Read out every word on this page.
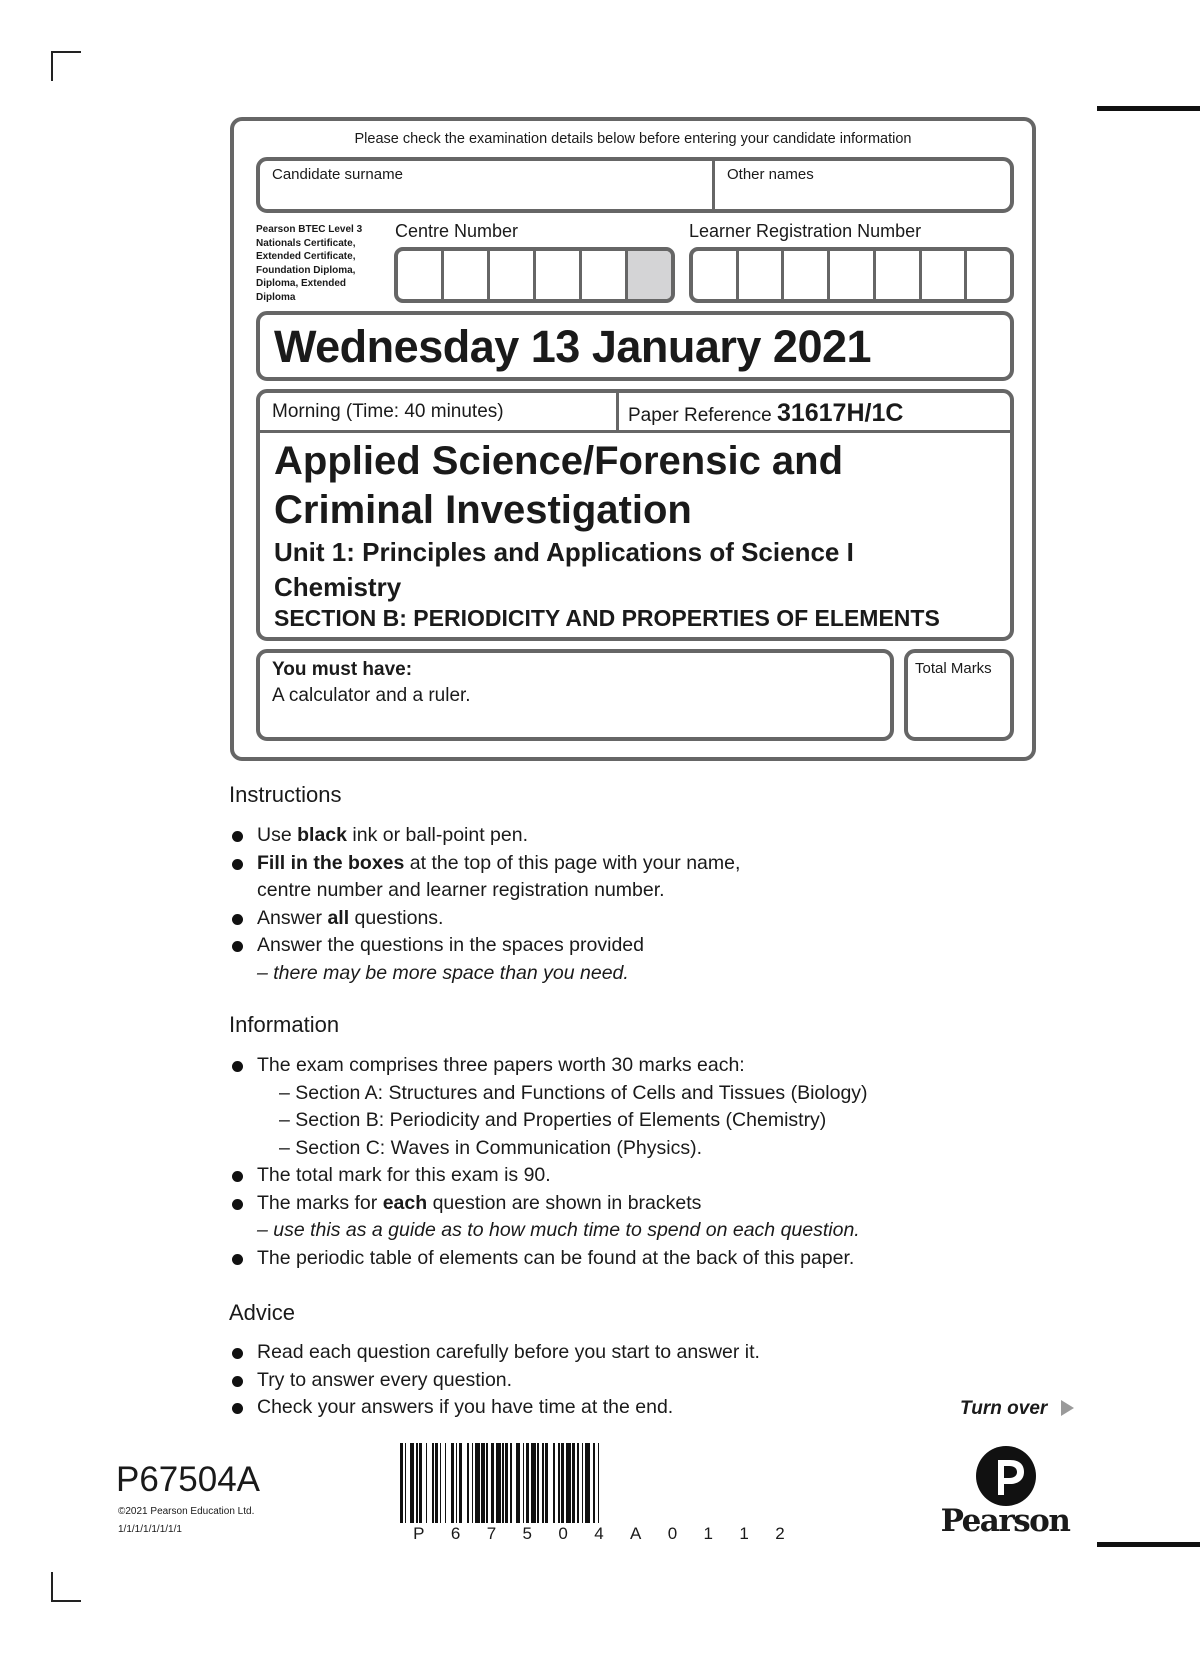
Please check the examination details below before entering your candidate information
Candidate surname	Other names
Pearson BTEC Level 3 Nationals Certificate, Extended Certificate, Foundation Diploma, Diploma, Extended Diploma
Centre Number	Learner Registration Number
Wednesday 13 January 2021
Morning (Time: 40 minutes)	Paper Reference 31617H/1C
Applied Science/Forensic and
Criminal Investigation
Unit 1: Principles and Applications of Science I
Chemistry
SECTION B: PERIODICITY AND PROPERTIES OF ELEMENTS
You must have:
A calculator and a ruler.
Total Marks
Instructions
Use black ink or ball-point pen.
Fill in the boxes at the top of this page with your name,
centre number and learner registration number.
Answer all questions.
Answer the questions in the spaces provided
– there may be more space than you need.
Information
The exam comprises three papers worth 30 marks each:
– Section A: Structures and Functions of Cells and Tissues (Biology)
– Section B: Periodicity and Properties of Elements (Chemistry)
– Section C: Waves in Communication (Physics).
The total mark for this exam is 90.
The marks for each question are shown in brackets
– use this as a guide as to how much time to spend on each question.
The periodic table of elements can be found at the back of this paper.
Advice
Read each question carefully before you start to answer it.
Try to answer every question.
Check your answers if you have time at the end.	Turn over
P67504A
©2021 Pearson Education Ltd.
1/1/1/1/1/1/1/1	P 6 7 5 0 4 A 0 1 1 2	Pearson
